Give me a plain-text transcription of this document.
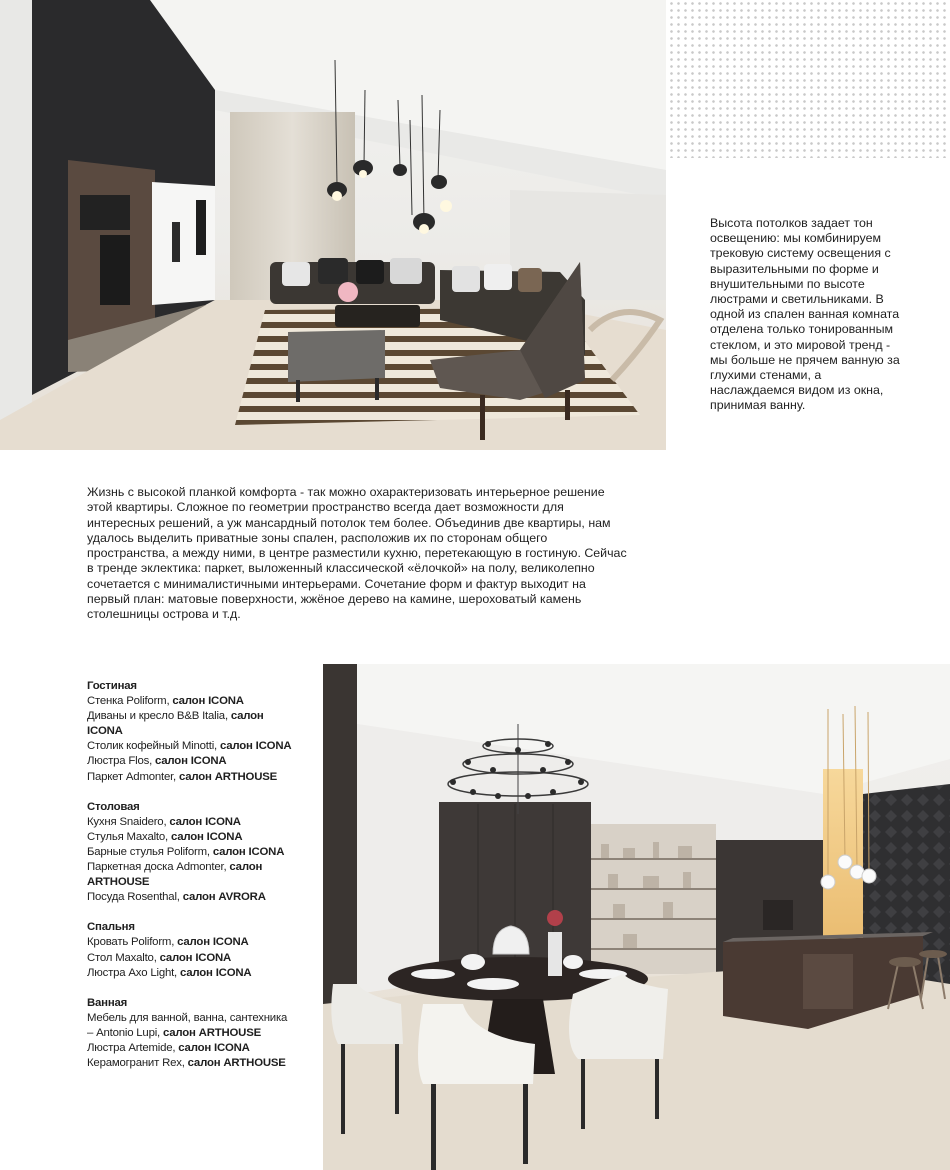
Высота потолков задает тон освещению: мы комбинируем трековую систему освещения с выразительными по форме и внушительными по высоте люстрами и светильниками. В одной из спален ванная комната отделена только тонированным стеклом, и это мировой тренд - мы больше не прячем ванную за глухими стенами, а наслаждаемся видом из окна, принимая ванну.
Жизнь с высокой планкой комфорта - так можно охарактеризовать интерьерное решение этой квартиры. Сложное по геометрии пространство всегда дает возможности для интересных решений, а уж мансардный потолок тем более. Объединив две квартиры, нам удалось выделить приватные зоны спален, расположив их по сторонам общего пространства, а между ними, в центре разместили кухню, перетекающую в гостиную. Сейчас в тренде эклектика: паркет, выложенный классической «ёлочкой» на полу, великолепно сочетается с минималистичными интерьерами. Сочетание форм и фактур выходит на первый план: матовые поверхности, жжёное дерево на камине, шероховатый камень столешницы острова и т.д.
Гостиная
Стенка Poliform, салон ICONA
Диваны и кресло B&B Italia, салон ICONA
Столик кофейный Minotti, салон ICONA
Люстра Flos, салон ICONA
Паркет Admonter, салон ARTHOUSE
Столовая
Кухня Snaidero, салон ICONA
Стулья Maxalto, салон ICONA
Барные стулья Poliform, салон ICONA
Паркетная доска Admonter, салон ARTHOUSE
Посуда Rosenthal, салон AVRORA
Спальня
Кровать Poliform, салон ICONA
Стол Maxalto, салон ICONA
Люстра Axo Light, салон ICONA
Ванная
Мебель для ванной, ванна, сантехника – Antonio Lupi, салон ARTHOUSE
Люстра Artemide, салон ICONA
Керамогранит Rex, салон ARTHOUSE
